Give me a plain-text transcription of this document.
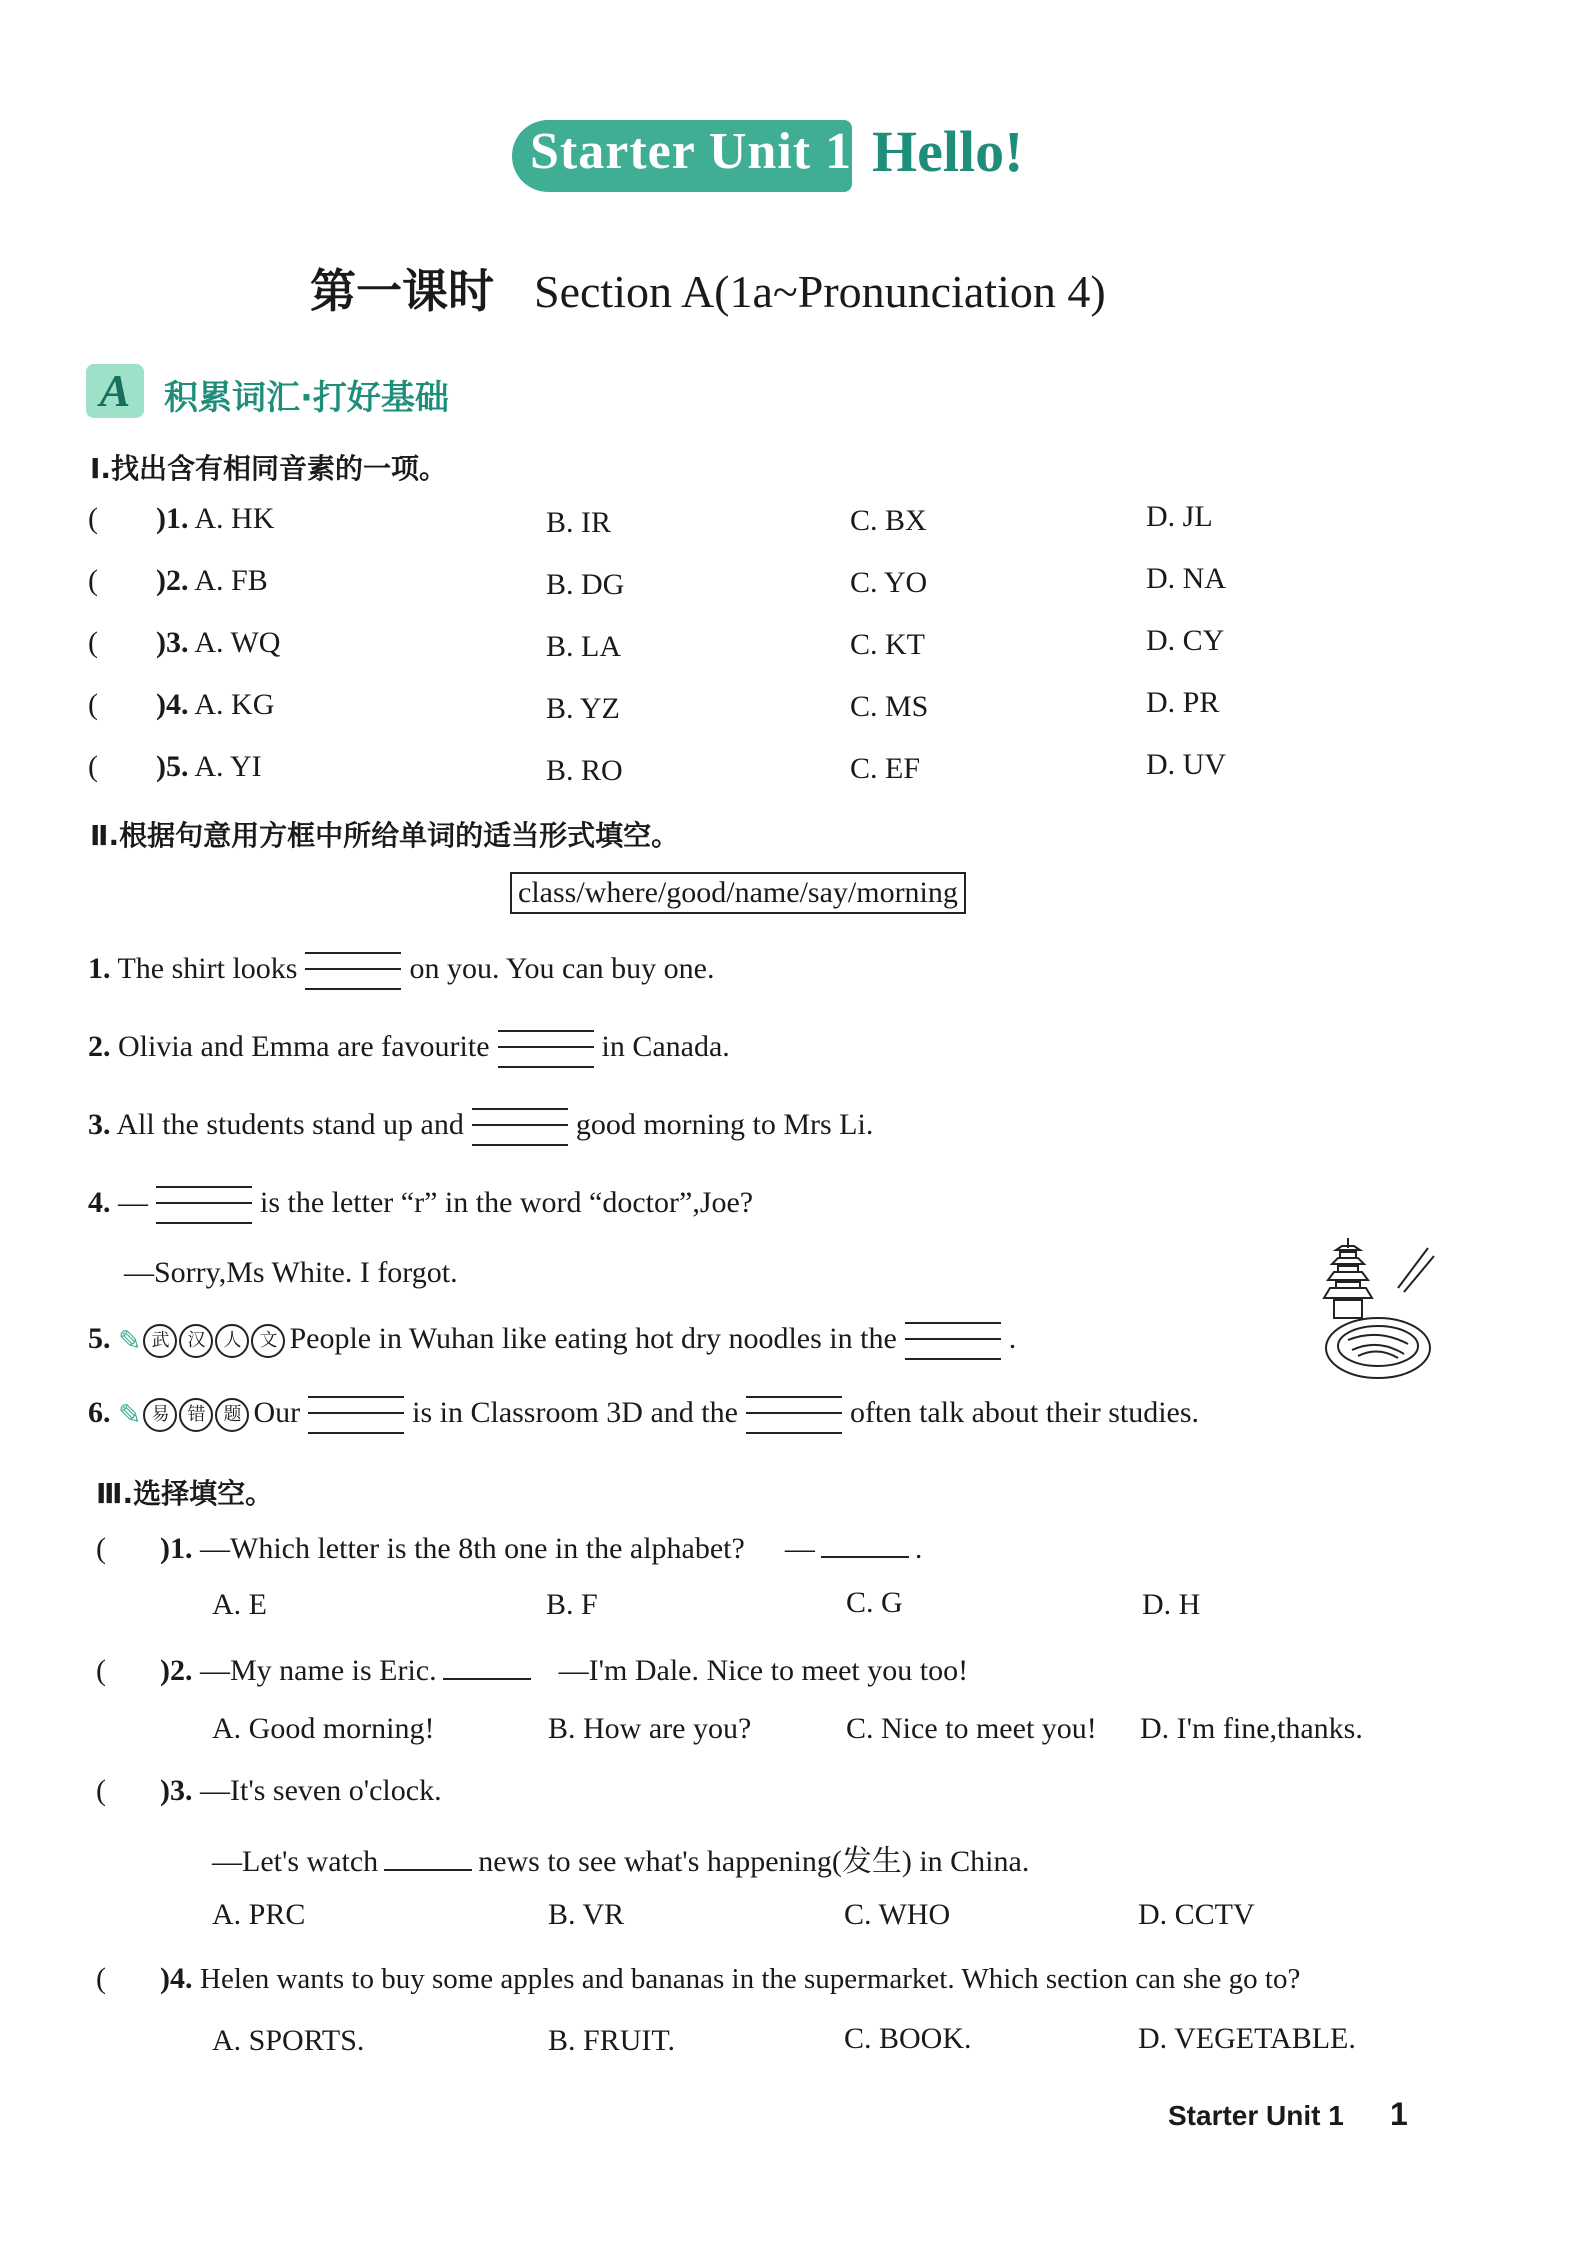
Starter Unit 1 Hello!
第一课时 Section A(1a~Pronunciation 4)
A 积累词汇·打好基础
Ⅰ.找出含有相同音素的一项。
( )1. A. HK	B. IR	C. BX	D. JL
( )2. A. FB	B. DG	C. YO	D. NA
( )3. A. WQ	B. LA	C. KT	D. CY
( )4. A. KG	B. YZ	C. MS	D. PR
( )5. A. YI	B. RO	C. EF	D. UV
Ⅱ.根据句意用方框中所给单词的适当形式填空。
class/where/good/name/say/morning
1. The shirt looks	on you. You can buy one.
2. Olivia and Emma are favourite	in Canada.
3. All the students stand up and	good morning to Mrs Li.
4. —	is the letter “r” in the word “doctor”,Joe?
—Sorry,Ms White. I forgot.
5. ✎ 武	汉	人	文 People in Wuhan like eating hot dry noodles in the	.
6. ✎ 易	错	题 Our	is in Classroom 3D and the	often talk about their studies.
Ⅲ.选择填空。
( )1. —Which letter is the 8th one in the alphabet? —	.
A. E	B. F	C. G	D. H
( )2. —My name is Eric.	—I'm Dale. Nice to meet you too!
A. Good morning!	B. How are you?	C. Nice to meet you! D. I'm fine,thanks.
( )3. —It's seven o'clock.
—Let's watch	news to see what's happening(发生) in China.
A. PRC	B. VR	C. WHO	D. CCTV
( )4. Helen wants to buy some apples and bananas in the supermarket. Which section can she go to?
A. SPORTS.	B. FRUIT.	C. BOOK.	D. VEGETABLE.
Starter Unit 1 1
